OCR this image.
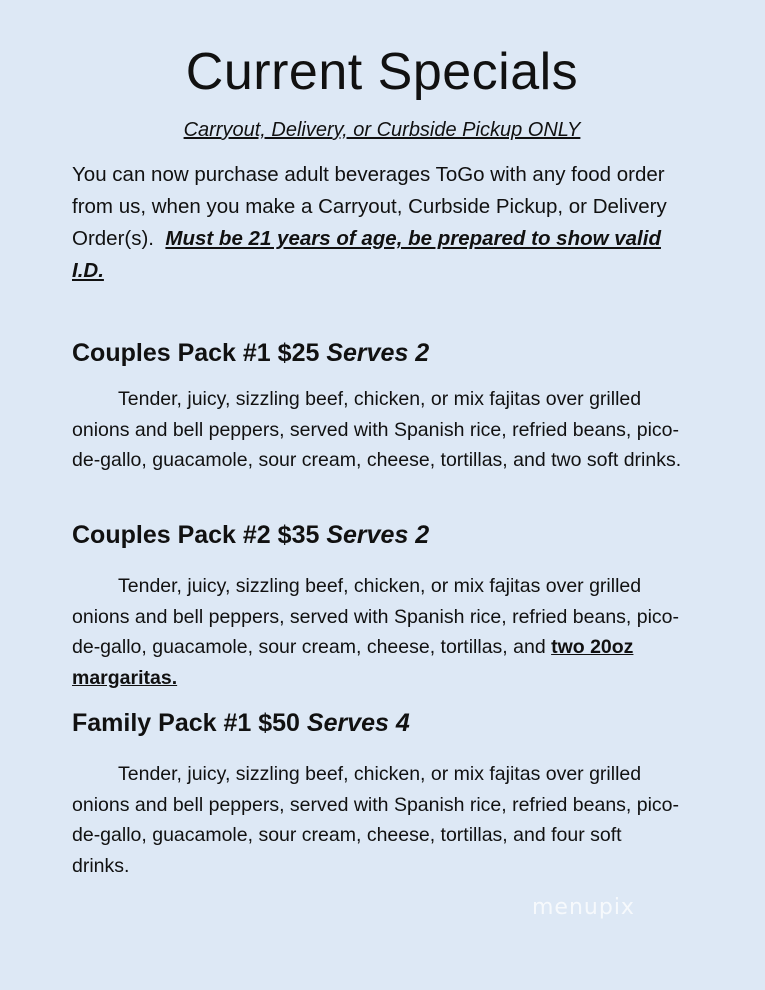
Current Specials

Carryout, Delivery, or Curbside Pickup ONLY

You can now purchase adult beverages ToGo with any food order from us, when you make a Carryout, Curbside Pickup, or Delivery Order(s). Must be 21 years of age, be prepared to show valid I.D.

Couples Pack #1 $25 Serves 2

Tender, juicy, sizzling beef, chicken, or mix fajitas over grilled onions and bell peppers, served with Spanish rice, refried beans, pico-de-gallo, guacamole, sour cream, cheese, tortillas, and two soft drinks.

Couples Pack #2 $35 Serves 2

Tender, juicy, sizzling beef, chicken, or mix fajitas over grilled onions and bell peppers, served with Spanish rice, refried beans, pico-de-gallo, guacamole, sour cream, cheese, tortillas, and two 20oz margaritas.

Family Pack #1 $50 Serves 4

Tender, juicy, sizzling beef, chicken, or mix fajitas over grilled onions and bell peppers, served with Spanish rice, refried beans, pico-de-gallo, guacamole, sour cream, cheese, tortillas, and four soft drinks.

menupix
